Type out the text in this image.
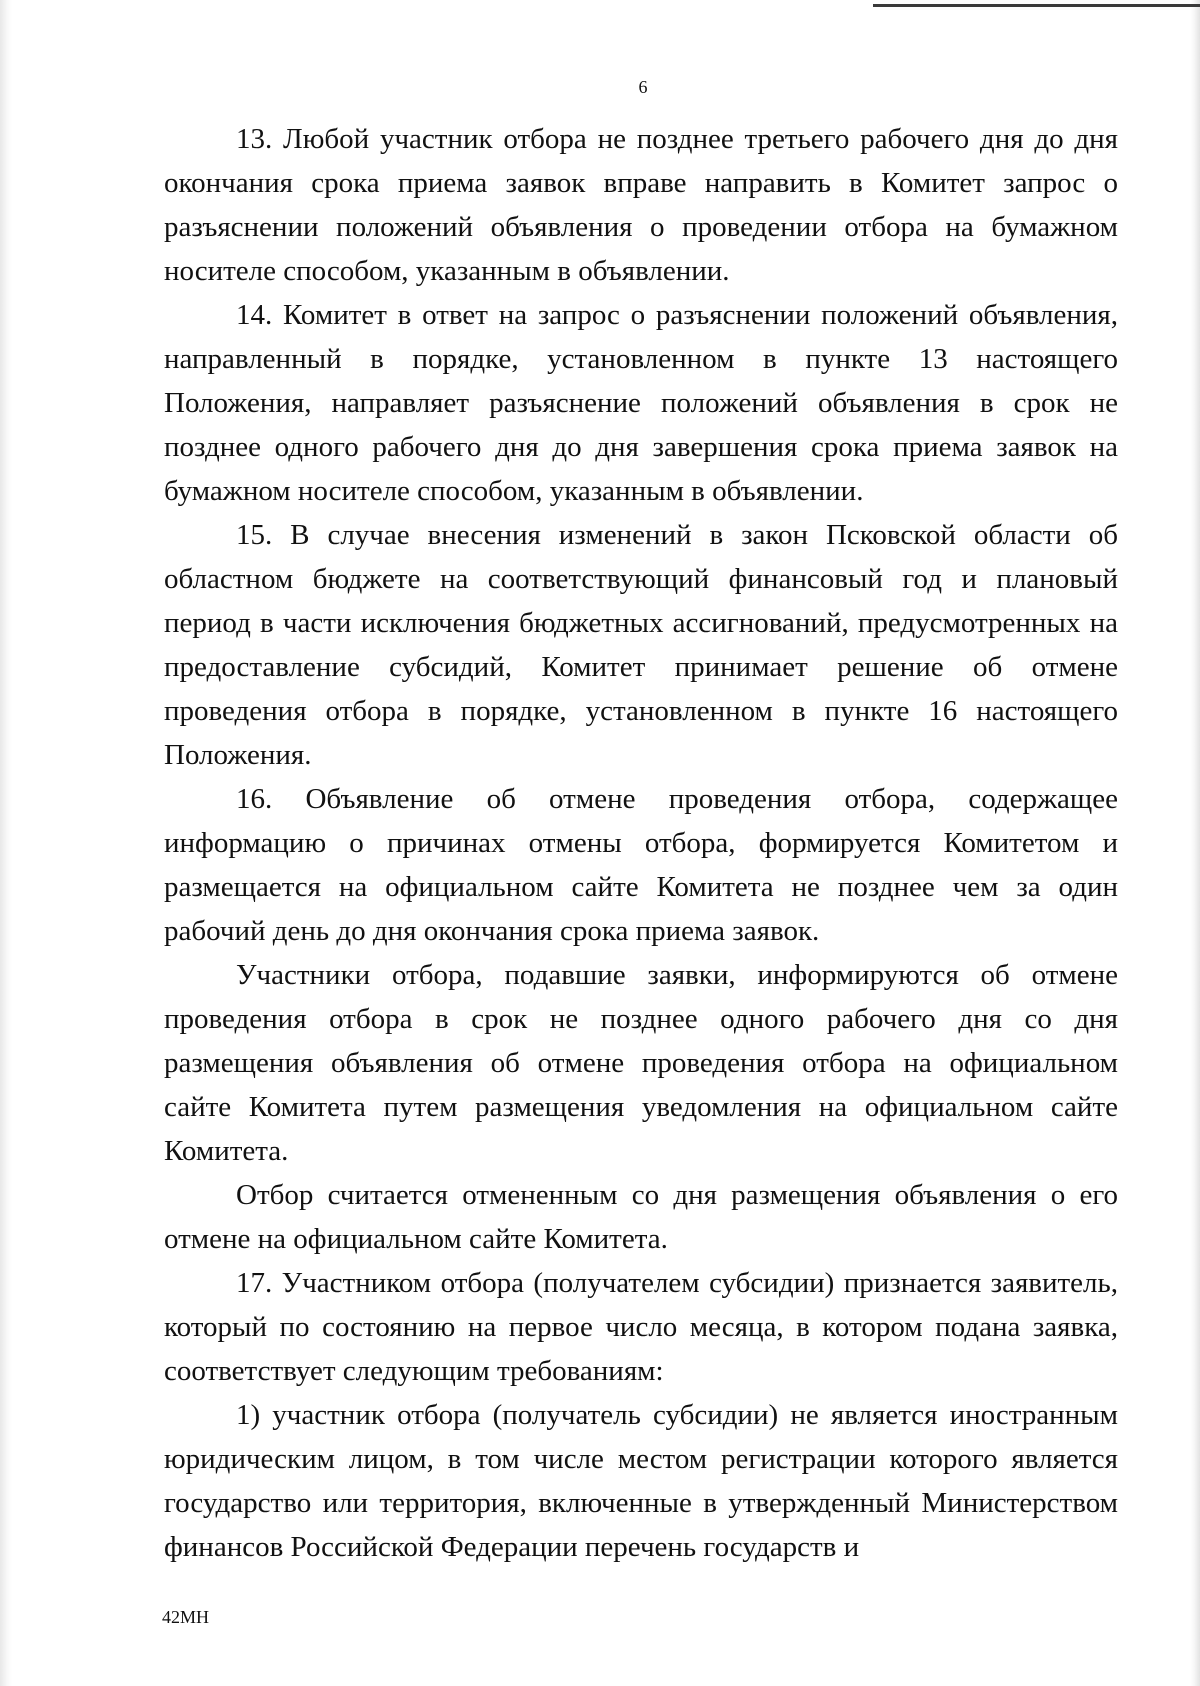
6

13. Любой участник отбора не позднее третьего рабочего дня до дня окончания срока приема заявок вправе направить в Комитет запрос о разъяснении положений объявления о проведении отбора на бумажном носителе способом, указанным в объявлении.

14. Комитет в ответ на запрос о разъяснении положений объявления, направленный в порядке, установленном в пункте 13 настоящего Положения, направляет разъяснение положений объявления в срок не позднее одного рабочего дня до дня завершения срока приема заявок на бумажном носителе способом, указанным в объявлении.

15. В случае внесения изменений в закон Псковской области об областном бюджете на соответствующий финансовый год и плановый период в части исключения бюджетных ассигнований, предусмотренных на предоставление субсидий, Комитет принимает решение об отмене проведения отбора в порядке, установленном в пункте 16 настоящего Положения.

16. Объявление об отмене проведения отбора, содержащее информацию о причинах отмены отбора, формируется Комитетом и размещается на официальном сайте Комитета не позднее чем за один рабочий день до дня окончания срока приема заявок.

Участники отбора, подавшие заявки, информируются об отмене проведения отбора в срок не позднее одного рабочего дня со дня размещения объявления об отмене проведения отбора на официальном сайте Комитета путем размещения уведомления на официальном сайте Комитета.

Отбор считается отмененным со дня размещения объявления о его отмене на официальном сайте Комитета.

17. Участником отбора (получателем субсидии) признается заявитель, который по состоянию на первое число месяца, в котором подана заявка, соответствует следующим требованиям:

1) участник отбора (получатель субсидии) не является иностранным юридическим лицом, в том числе местом регистрации которого является государство или территория, включенные в утвержденный Министерством финансов Российской Федерации перечень государств и

42МН
